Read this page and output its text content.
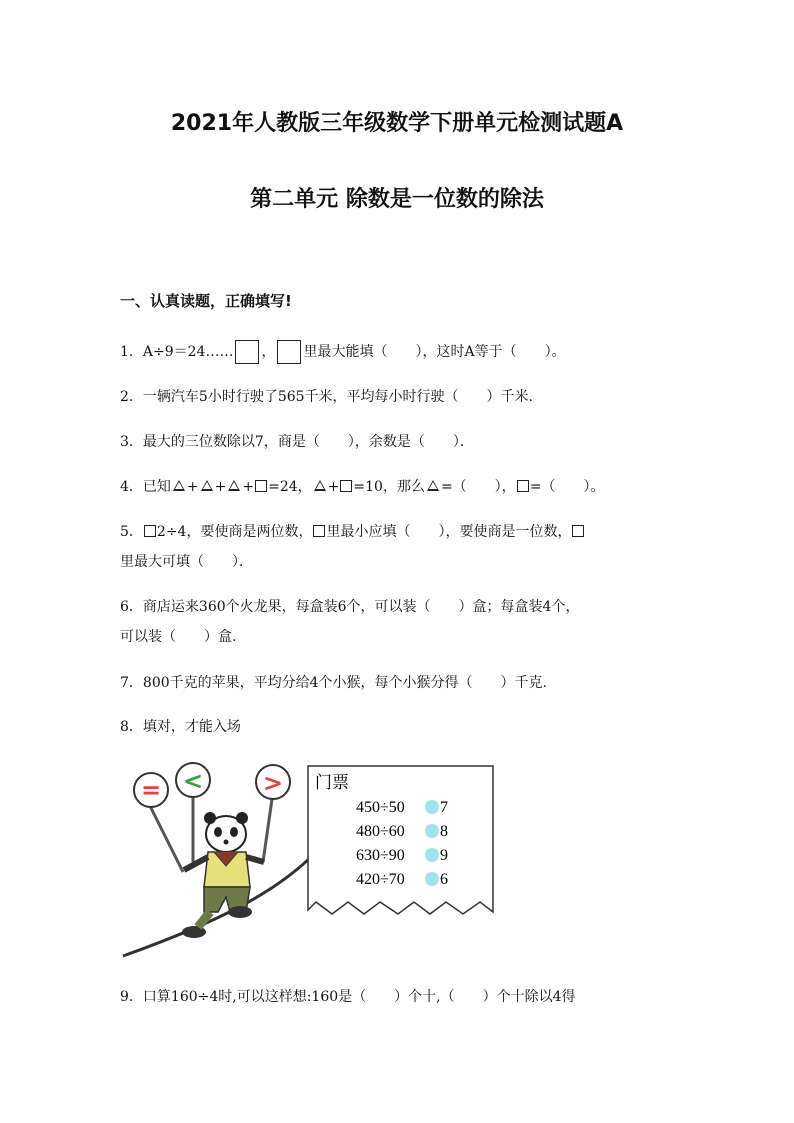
2021年人教版三年级数学下册单元检测试题A
第二单元 除数是一位数的除法
一、认真读题，正确填写!
1．A÷9＝24…… ， 里最大能填（　　），这时A等于（　　）。
2．一辆汽车5小时行驶了565千米，平均每小时行驶（　　）千米.
3．最大的三位数除以7，商是（　　），余数是（　　）．
4．已知 + + + =24， + =10，那么 =（　　）， =（　　）。
5． 2÷4，要使商是两位数， 里最小应填（　　），要使商是一位数，
里最大可填（　　）．
6．商店运来360个火龙果，每盒装6个，可以装（　　）盒；每盒装4个，
可以装（　　）盒.
7．800千克的苹果，平均分给4个小猴，每个小猴分得（　　）千克.
8．填对，才能入场
= < > 门票
450÷50 7
480÷60 8
630÷90 9
420÷70 6
9．口算160÷4时,可以这样想:160是（　　）个十,（　　）个十除以4得
